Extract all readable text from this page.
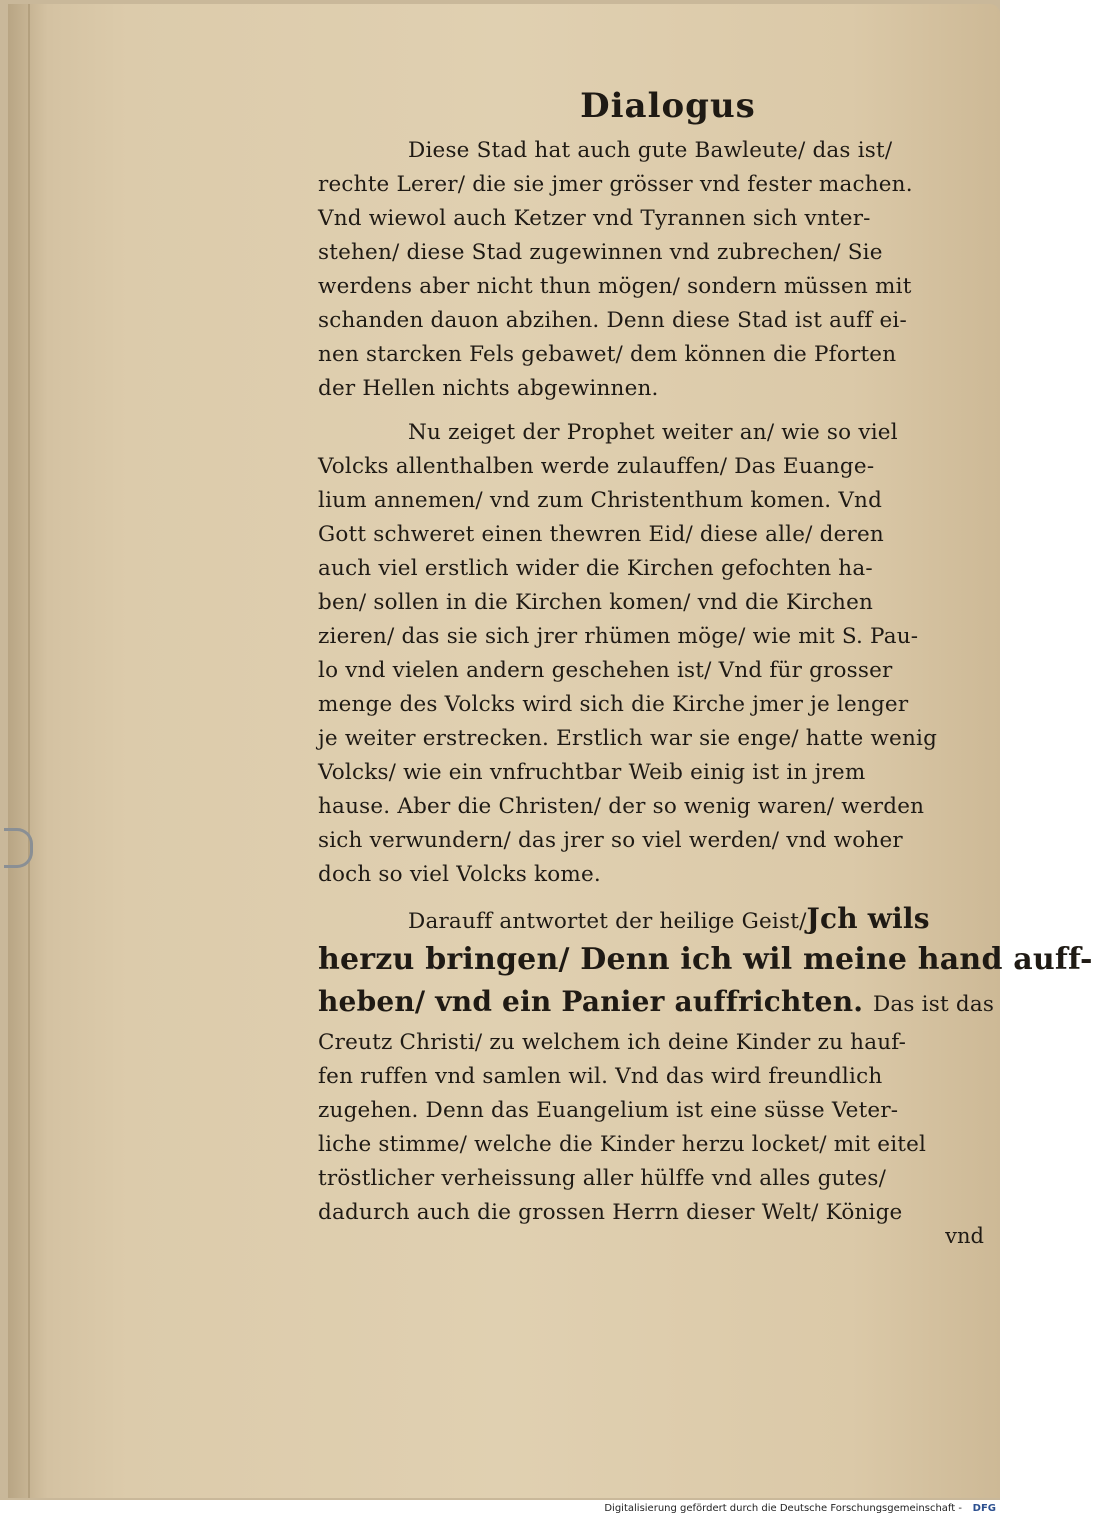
Dialogus
Diese Stad hat auch gute Bawleute/ das ist/
rechte Lerer/ die sie jmer grösser vnd fester machen.
Vnd wiewol auch Ketzer vnd Tyrannen sich vnter-
stehen/ diese Stad zugewinnen vnd zubrechen/ Sie
werdens aber nicht thun mögen/ sondern müssen mit
schanden dauon abzihen. Denn diese Stad ist auff ei-
nen starcken Fels gebawet/ dem können die Pforten
der Hellen nichts abgewinnen.
Nu zeiget der Prophet weiter an/ wie so viel
Volcks allenthalben werde zulauffen/ Das Euange-
lium annemen/ vnd zum Christenthum komen. Vnd
Gott schweret einen thewren Eid/ diese alle/ deren
auch viel erstlich wider die Kirchen gefochten ha-
ben/ sollen in die Kirchen komen/ vnd die Kirchen
zieren/ das sie sich jrer rhümen möge/ wie mit S. Pau-
lo vnd vielen andern geschehen ist/ Vnd für grosser
menge des Volcks wird sich die Kirche jmer je lenger
je weiter erstrecken. Erstlich war sie enge/ hatte wenig
Volcks/ wie ein vnfruchtbar Weib einig ist in jrem
hause. Aber die Christen/ der so wenig waren/ werden
sich verwundern/ das jrer so viel werden/ vnd woher
doch so viel Volcks kome.
Darauff antwortet der heilige Geist/Jch wils
herzu bringen/ Denn ich wil meine hand auff-
heben/ vnd ein Panier auffrichten. Das ist das
Creutz Christi/ zu welchem ich deine Kinder zu hauf-
fen ruffen vnd samlen wil. Vnd das wird freundlich
zugehen. Denn das Euangelium ist eine süsse Veter-
liche stimme/ welche die Kinder herzu locket/ mit eitel
tröstlicher verheissung aller hülffe vnd alles gutes/
dadurch auch die grossen Herrn dieser Welt/ Könige
vnd
Digitalisierung gefördert durch die Deutsche Forschungsgemeinschaft - DFG
